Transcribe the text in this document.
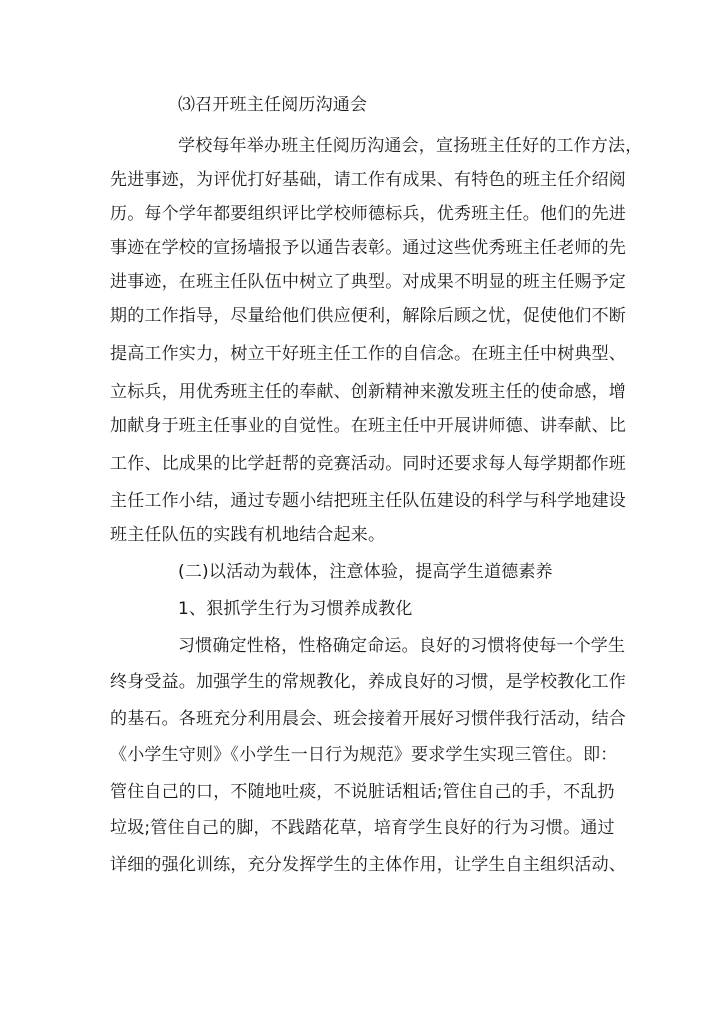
⑶召开班主任阅历沟通会
学校每年举办班主任阅历沟通会，宣扬班主任好的工作方法，
先进事迹，为评优打好基础，请工作有成果、有特色的班主任介绍阅
历。每个学年都要组织评比学校师德标兵，优秀班主任。他们的先进
事迹在学校的宣扬墙报予以通告表彰。通过这些优秀班主任老师的先
进事迹，在班主任队伍中树立了典型。对成果不明显的班主任赐予定
期的工作指导，尽量给他们供应便利，解除后顾之忧，促使他们不断
提高工作实力，树立干好班主任工作的自信念。在班主任中树典型、
立标兵，用优秀班主任的奉献、创新精神来激发班主任的使命感，增
加献身于班主任事业的自觉性。在班主任中开展讲师德、讲奉献、比
工作、比成果的比学赶帮的竞赛活动。同时还要求每人每学期都作班
主任工作小结，通过专题小结把班主任队伍建设的科学与科学地建设
班主任队伍的实践有机地结合起来。
(二)以活动为载体，注意体验，提高学生道德素养
1、狠抓学生行为习惯养成教化
习惯确定性格，性格确定命运。良好的习惯将使每一个学生
终身受益。加强学生的常规教化，养成良好的习惯，是学校教化工作
的基石。各班充分利用晨会、班会接着开展好习惯伴我行活动，结合
《小学生守则》《小学生一日行为规范》要求学生实现三管住。即：
管住自己的口，不随地吐痰，不说脏话粗话;管住自己的手，不乱扔
垃圾;管住自己的脚，不践踏花草，培育学生良好的行为习惯。通过
详细的强化训练，充分发挥学生的主体作用，让学生自主组织活动、
